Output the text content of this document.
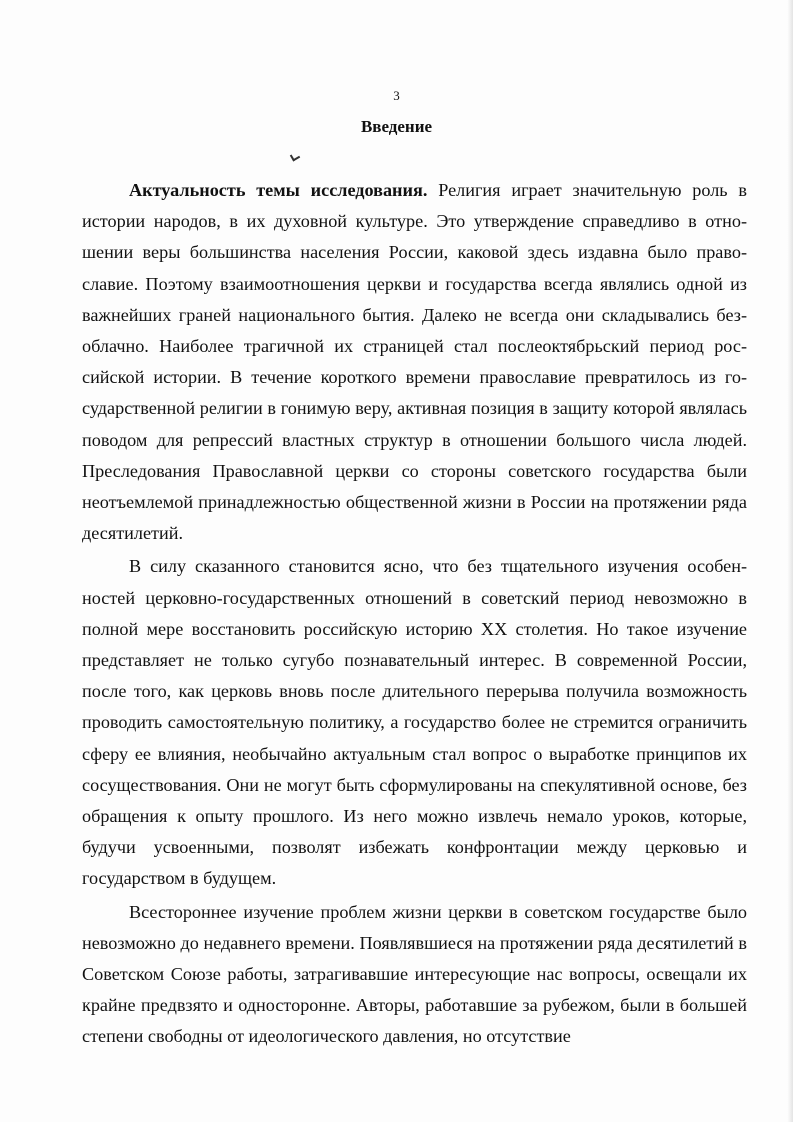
3
Введение

Актуальность темы исследования. Религия играет значительную роль в истории народов, в их духовной культуре. Это утверждение справедливо в отношении веры большинства населения России, каковой здесь издавна было православие. Поэтому взаимоотношения церкви и государства всегда являлись одной из важнейших граней национального бытия. Далеко не всегда они складывались безоблачно. Наиболее трагичной их страницей стал послеоктябрьский период российской истории. В течение короткого времени православие превратилось из государственной религии в гонимую веру, активная позиция в защиту которой являлась поводом для репрессий властных структур в отношении большого числа людей. Преследования Православной церкви со стороны советского государства были неотъемлемой принадлежностью общественной жизни в России на протяжении ряда десятилетий.

В силу сказанного становится ясно, что без тщательного изучения особенностей церковно-государственных отношений в советский период невозможно в полной мере восстановить российскую историю XX столетия. Но такое изучение представляет не только сугубо познавательный интерес. В современной России, после того, как церковь вновь после длительного перерыва получила возможность проводить самостоятельную политику, а государство более не стремится ограничить сферу ее влияния, необычайно актуальным стал вопрос о выработке принципов их сосуществования. Они не могут быть сформулированы на спекулятивной основе, без обращения к опыту прошлого. Из него можно извлечь немало уроков, которые, будучи усвоенными, позволят избежать конфронтации между церковью и государством в будущем.

Всестороннее изучение проблем жизни церкви в советском государстве было невозможно до недавнего времени. Появлявшиеся на протяжении ряда десятилетий в Советском Союзе работы, затрагивавшие интересующие нас вопросы, освещали их крайне предвзято и односторонне. Авторы, работавшие за рубежом, были в большей степени свободны от идеологического давления, но отсутствие
